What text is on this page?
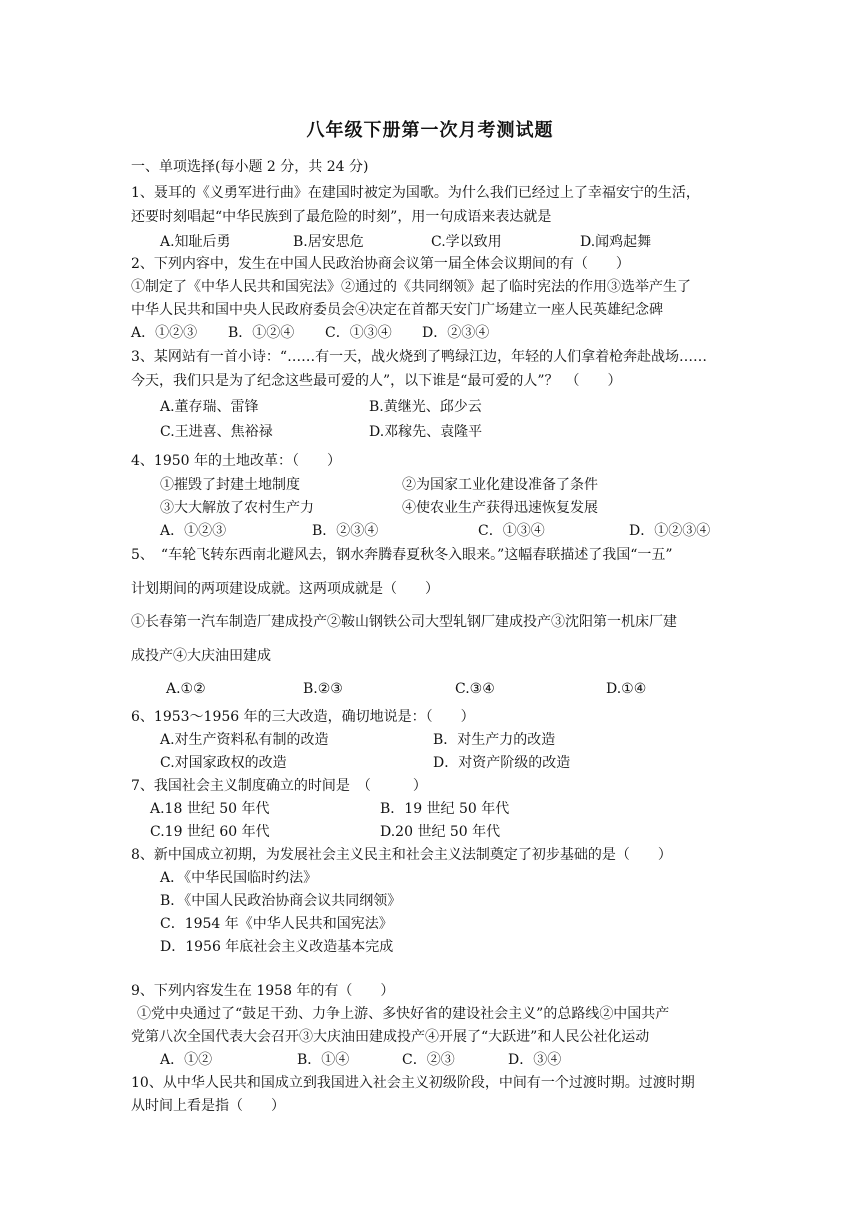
八年级下册第一次月考测试题
一、单项选择(每小题 2 分，共 24 分)
1、聂耳的《义勇军进行曲》在建国时被定为国歌。为什么我们已经过上了幸福安宁的生活，
还要时刻唱起“中华民族到了最危险的时刻”，用一句成语来表达就是
A.知耻后勇	B.居安思危	C.学以致用	D.闻鸡起舞
2、下列内容中，发生在中国人民政治协商会议第一届全体会议期间的有（　　）
①制定了《中华人民共和国宪法》②通过的《共同纲领》起了临时宪法的作用③选举产生了
中华人民共和国中央人民政府委员会④决定在首都天安门广场建立一座人民英雄纪念碑
A．①②③ B．①②④ C．①③④ D．②③④
3、某网站有一首小诗：“……有一天，战火烧到了鸭绿江边，年轻的人们拿着枪奔赴战场……
今天，我们只是为了纪念这些最可爱的人”，以下谁是“最可爱的人”？　（　　）
A.董存瑞、雷锋	B.黄继光、邱少云
C.王进喜、焦裕禄	D.邓稼先、袁隆平
4、1950 年的土地改革：（　　）
①摧毁了封建土地制度	②为国家工业化建设准备了条件
③大大解放了农村生产力	④使农业生产获得迅速恢复发展
A．①②③	B．②③④	C．①③④	D．①②③④
5、　“车轮飞转东西南北避风去，钢水奔腾春夏秋冬入眼来。”这幅春联描述了我国“一五”
计划期间的两项建设成就。这两项成就是（　　）
①长春第一汽车制造厂建成投产②鞍山钢铁公司大型轧钢厂建成投产③沈阳第一机床厂建
成投产④大庆油田建成
A.①②	B.②③	C.③④	D.①④
6、1953～1956 年的三大改造，确切地说是：（　　）
A.对生产资料私有制的改造	B．对生产力的改造
C.对国家政权的改造	D．对资产阶级的改造
7、我国社会主义制度确立的时间是　（　　　）
A.18 世纪 50 年代	B．19 世纪 50 年代
C.19 世纪 60 年代	D.20 世纪 50 年代
8、新中国成立初期，为发展社会主义民主和社会主义法制奠定了初步基础的是（　　）
A．《中华民国临时约法》
B．《中国人民政治协商会议共同纲领》
C．1954 年《中华人民共和国宪法》
D．1956 年底社会主义改造基本完成
9、下列内容发生在 1958 年的有（　　）
①党中央通过了“鼓足干劲、力争上游、多快好省的建设社会主义”的总路线②中国共产
党第八次全国代表大会召开③大庆油田建成投产④开展了“大跃进”和人民公社化运动
A．①②	B．①④	C．②③	D．③④
10、从中华人民共和国成立到我国进入社会主义初级阶段，中间有一个过渡时期。过渡时期
从时间上看是指（　　）
